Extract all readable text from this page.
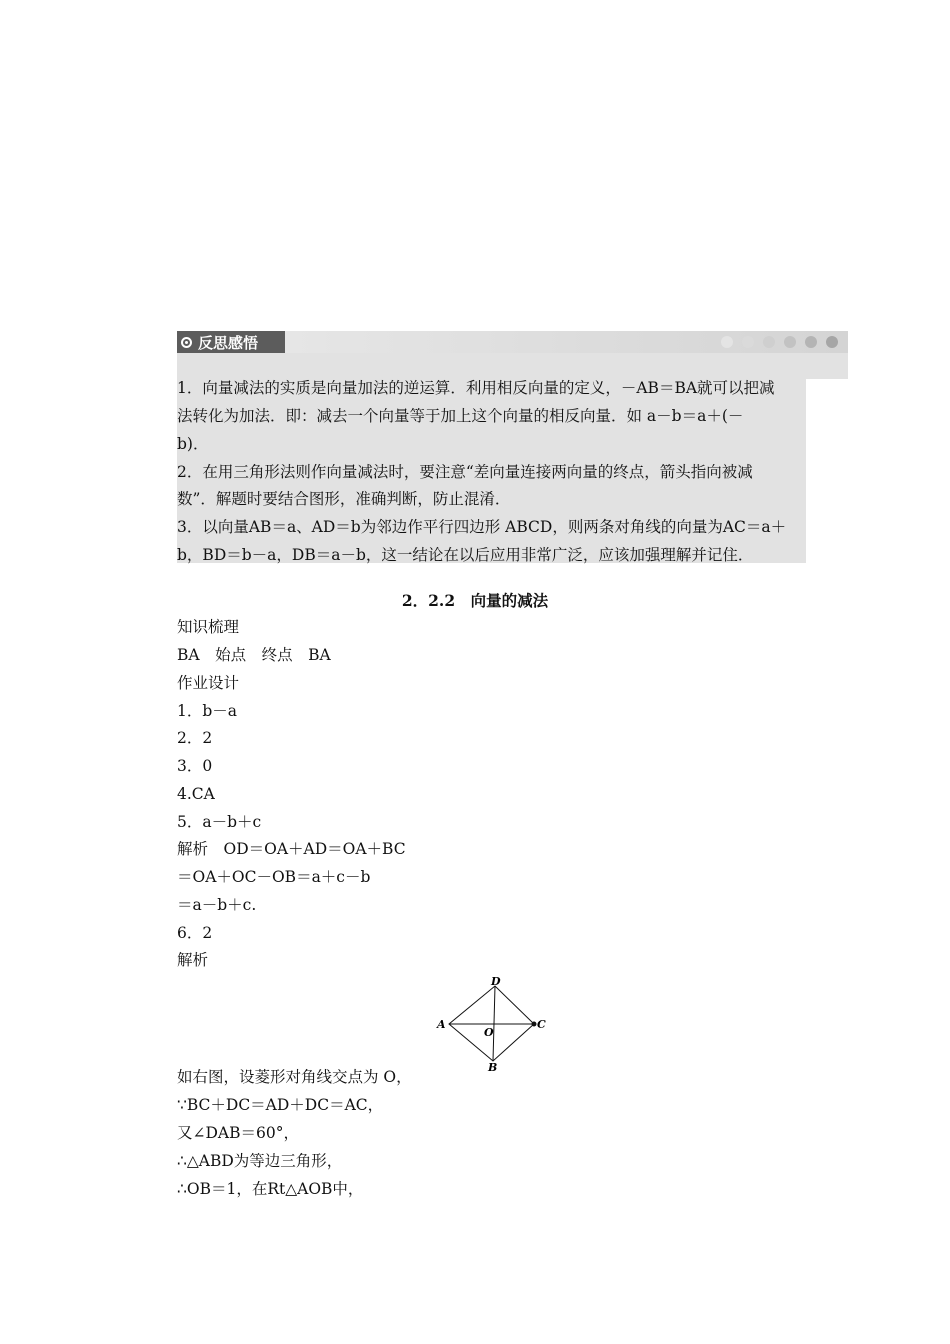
反思感悟
1．向量减法的实质是向量加法的逆运算．利用相反向量的定义，－AB＝BA就可以把减
法转化为加法．即：减去一个向量等于加上这个向量的相反向量．如 a－b＝a＋(－
b)．
2．在用三角形法则作向量减法时，要注意“差向量连接两向量的终点，箭头指向被减
数”．解题时要结合图形，准确判断，防止混淆．
3．以向量AB＝a、AD＝b为邻边作平行四边形 ABCD，则两条对角线的向量为AC＝a＋
b，BD＝b－a，DB＝a－b，这一结论在以后应用非常广泛，应该加强理解并记住．
2．2.2　向量的减法
知识梳理
BA　始点　终点　BA
作业设计
1．b－a
2．2
3．0
4.CA
5．a－b＋c
解析　OD＝OA＋AD＝OA＋BC
＝OA＋OC－OB＝a＋c－b
＝a－b＋c.
6．2
解析
D
A
O
C
B
如右图，设菱形对角线交点为 O，
∵BC＋DC＝AD＋DC＝AC，
又∠DAB＝60°，
∴△ABD为等边三角形，
∴OB＝1，在Rt△AOB中，
